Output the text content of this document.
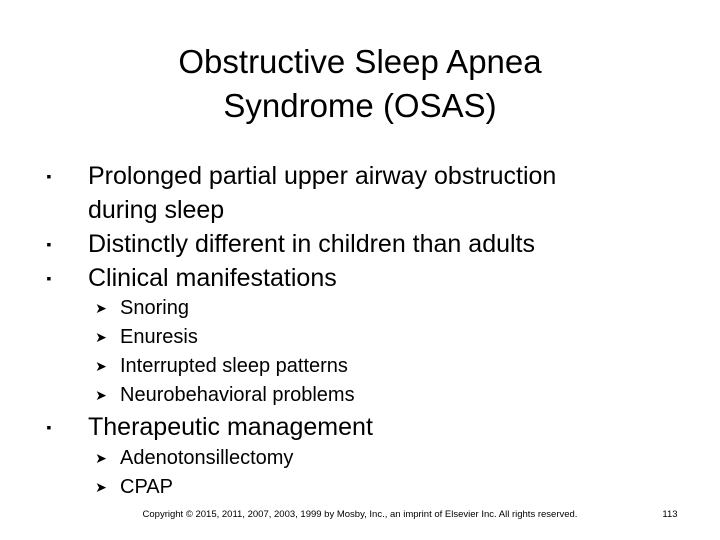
Obstructive Sleep Apnea
Syndrome (OSAS)
▪ Prolonged partial upper airway obstruction
during sleep
▪ Distinctly different in children than adults
▪ Clinical manifestations
➤ Snoring
➤ Enuresis
➤ Interrupted sleep patterns
➤ Neurobehavioral problems
▪ Therapeutic management
➤ Adenotonsillectomy
➤ CPAP
Copyright © 2015, 2011, 2007, 2003, 1999 by Mosby, Inc., an imprint of Elsevier Inc. All rights reserved.	113
